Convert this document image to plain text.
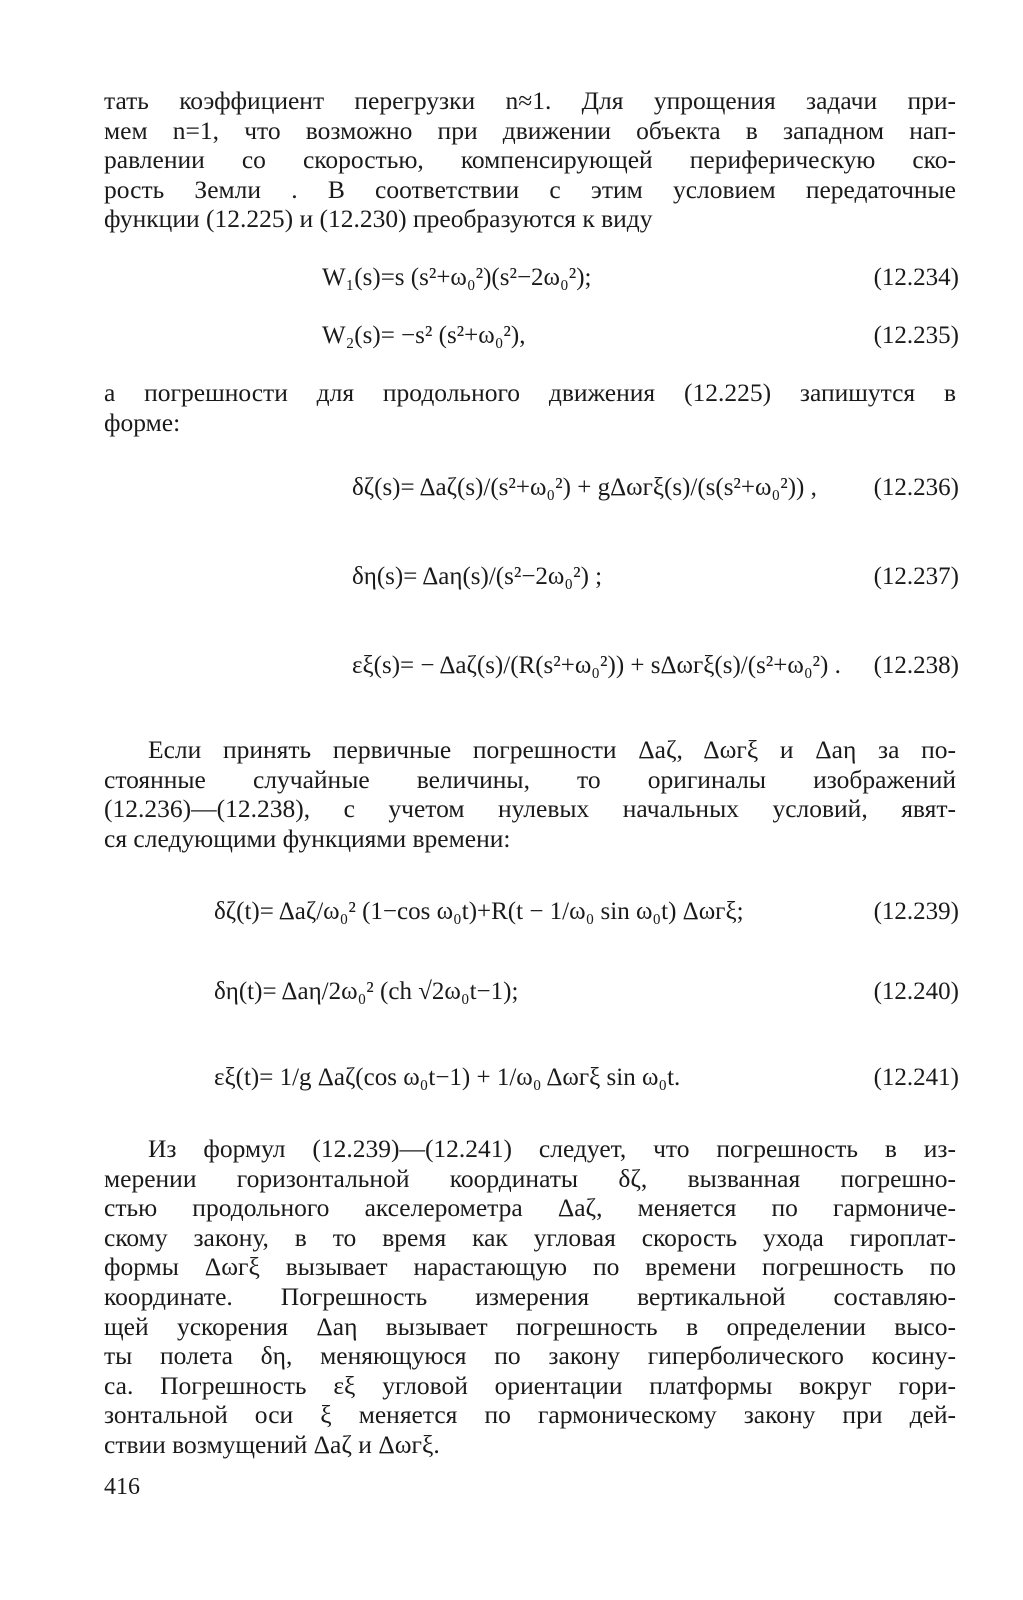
тать коэффициент перегрузки n≈1. Для упрощения задачи при-
мем n=1, что возможно при движении объекта в западном нап-
равлении со скоростью, компенсирующей периферическую ско-
рость Земли . В соответствии с этим условием передаточные
функции (12.225) и (12.230) преобразуются к виду
W₁(s)=s (s²+ω₀²)(s²−2ω₀²);	(12.234)
W₂(s)= −s² (s²+ω₀²),	(12.235)
а погрешности для продольного движения (12.225) запишутся в
форме:
δζ(s)= Δaζ(s)/(s²+ω₀²) + gΔωгξ(s)/(s(s²+ω₀²)) , (12.236)
δη(s)= Δaη(s)/(s²−2ω₀²) ;	(12.237)
εξ(s)= − Δaζ(s)/(R(s²+ω₀²)) + sΔωгξ(s)/(s²+ω₀²) . (12.238)
Если принять первичные погрешности Δaζ, Δωгξ и Δaη за по-
стоянные случайные величины, то оригиналы изображений
(12.236)—(12.238), с учетом нулевых начальных условий, явят-
ся следующими функциями времени:
δζ(t)= Δaζ/ω₀² (1−cos ω₀t)+R(t − 1/ω₀ sin ω₀t) Δωгξ;	(12.239)
δη(t)= Δaη/2ω₀² (ch √2ω₀t−1);	(12.240)
εξ(t)= 1/g Δaζ(cos ω₀t−1) + 1/ω₀ Δωгξ sin ω₀t.	(12.241)
Из формул (12.239)—(12.241) следует, что погрешность в из-
мерении горизонтальной координаты δζ, вызванная погрешно-
стью продольного акселерометра Δaζ, меняется по гармониче-
скому закону, в то время как угловая скорость ухода гироплат-
формы Δωгξ вызывает нарастающую по времени погрешность по
координате. Погрешность измерения вертикальной составляю-
щей ускорения Δaη вызывает погрешность в определении высо-
ты полета δη, меняющуюся по закону гиперболического косину-
са. Погрешность εξ угловой ориентации платформы вокруг гори-
зонтальной оси ξ меняется по гармоническому закону при дей-
ствии возмущений Δaζ и Δωгξ.
416
